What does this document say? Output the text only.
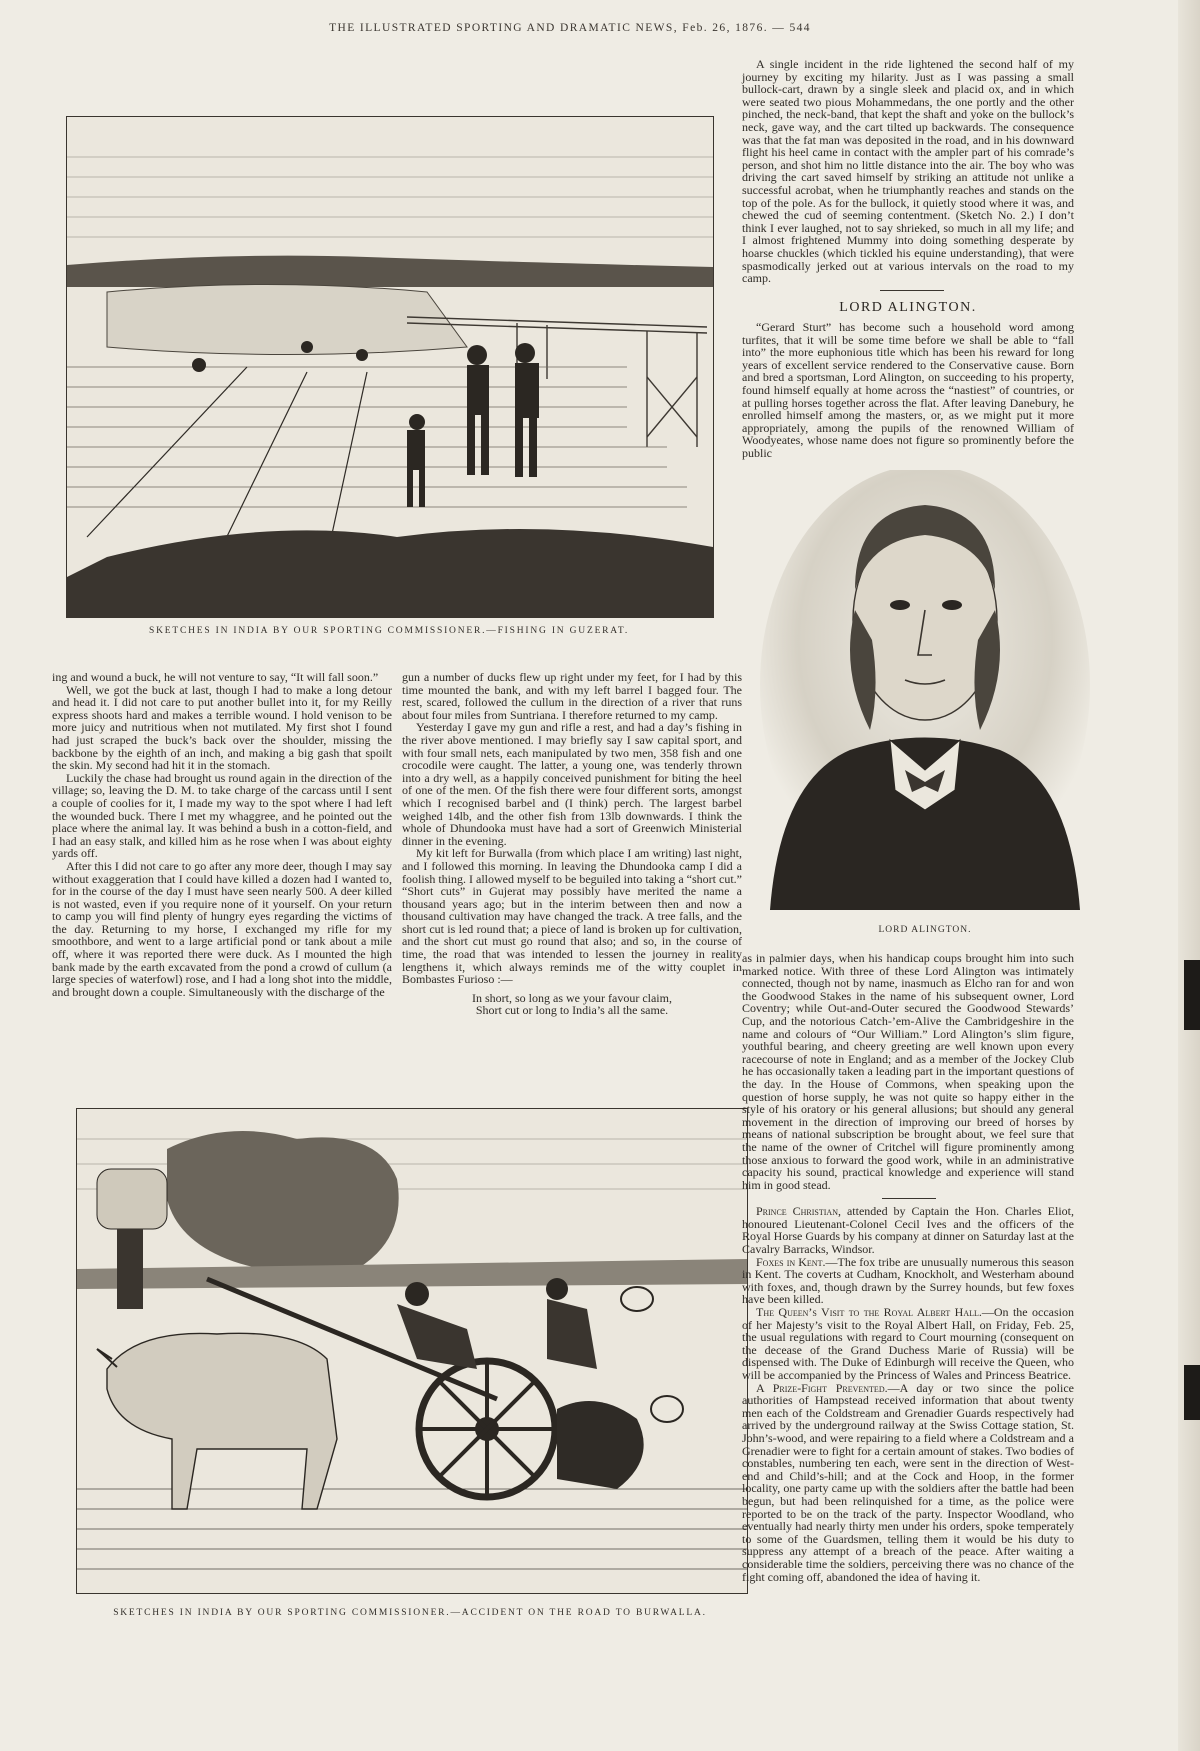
THE ILLUSTRATED SPORTING AND DRAMATIC NEWS, Feb. 26, 1876. — 544
SKETCHES IN INDIA BY OUR SPORTING COMMISSIONER.—FISHING IN GUZERAT.

ing and wound a buck, he will not venture to say, “It will fall soon.”

Well, we got the buck at last, though I had to make a long detour and head it. I did not care to put another bullet into it, for my Reilly express shoots hard and makes a terrible wound. I hold venison to be more juicy and nutritious when not mutilated. My first shot I found had just scraped the buck’s back over the shoulder, missing the backbone by the eighth of an inch, and making a big gash that spoilt the skin. My second had hit it in the stomach.

Luckily the chase had brought us round again in the direction of the village; so, leaving the D. M. to take charge of the carcass until I sent a couple of coolies for it, I made my way to the spot where I had left the wounded buck. There I met my whaggree, and he pointed out the place where the animal lay. It was behind a bush in a cotton-field, and I had an easy stalk, and killed him as he rose when I was about eighty yards off.

After this I did not care to go after any more deer, though I may say without exaggeration that I could have killed a dozen had I wanted to, for in the course of the day I must have seen nearly 500. A deer killed is not wasted, even if you require none of it yourself. On your return to camp you will find plenty of hungry eyes regarding the victims of the day. Returning to my horse, I exchanged my rifle for my smoothbore, and went to a large artificial pond or tank about a mile off, where it was reported there were duck. As I mounted the high bank made by the earth excavated from the pond a crowd of cullum (a large species of waterfowl) rose, and I had a long shot into the middle, and brought down a couple. Simultaneously with the discharge of the

gun a number of ducks flew up right under my feet, for I had by this time mounted the bank, and with my left barrel I bagged four. The rest, scared, followed the cullum in the direction of a river that runs about four miles from Suntriana. I therefore returned to my camp.

Yesterday I gave my gun and rifle a rest, and had a day’s fishing in the river above mentioned. I may briefly say I saw capital sport, and with four small nets, each manipulated by two men, 358 fish and one crocodile were caught. The latter, a young one, was tenderly thrown into a dry well, as a happily conceived punishment for biting the heel of one of the men. Of the fish there were four different sorts, amongst which I recognised barbel and (I think) perch. The largest barbel weighed 14lb, and the other fish from 13lb downwards. I think the whole of Dhundooka must have had a sort of Greenwich Ministerial dinner in the evening.

My kit left for Burwalla (from which place I am writing) last night, and I followed this morning. In leaving the Dhundooka camp I did a foolish thing. I allowed myself to be beguiled into taking a “short cut.” “Short cuts” in Gujerat may possibly have merited the name a thousand years ago; but in the interim between then and now a thousand cultivation may have changed the track. A tree falls, and the short cut is led round that; a piece of land is broken up for cultivation, and the short cut must go round that also; and so, in the course of time, the road that was intended to lessen the journey in reality lengthens it, which always reminds me of the witty couplet in Bombastes Furioso :—

In short, so long as we your favour claim,

Short cut or long to India’s all the same.

SKETCHES IN INDIA BY OUR SPORTING COMMISSIONER.—ACCIDENT ON THE ROAD TO BURWALLA.

A single incident in the ride lightened the second half of my journey by exciting my hilarity. Just as I was passing a small bullock-cart, drawn by a single sleek and placid ox, and in which were seated two pious Mohammedans, the one portly and the other pinched, the neck-band, that kept the shaft and yoke on the bullock’s neck, gave way, and the cart tilted up backwards. The consequence was that the fat man was deposited in the road, and in his downward flight his heel came in contact with the ampler part of his comrade’s person, and shot him no little distance into the air. The boy who was driving the cart saved himself by striking an attitude not unlike a successful acrobat, when he triumphantly reaches and stands on the top of the pole. As for the bullock, it quietly stood where it was, and chewed the cud of seeming contentment. (Sketch No. 2.) I don’t think I ever laughed, not to say shrieked, so much in all my life; and I almost frightened Mummy into doing something desperate by hoarse chuckles (which tickled his equine understanding), that were spasmodically jerked out at various intervals on the road to my camp.

LORD ALINGTON.

“Gerard Sturt” has become such a household word among turfites, that it will be some time before we shall be able to “fall into” the more euphonious title which has been his reward for long years of excellent service rendered to the Conservative cause. Born and bred a sportsman, Lord Alington, on succeeding to his property, found himself equally at home across the “nastiest” of countries, or at pulling horses together across the flat. After leaving Danebury, he enrolled himself among the masters, or, as we might put it more appropriately, among the pupils of the renowned William of Woodyeates, whose name does not figure so prominently before the public

LORD ALINGTON.

as in palmier days, when his handicap coups brought him into such marked notice. With three of these Lord Alington was intimately connected, though not by name, inasmuch as Elcho ran for and won the Goodwood Stakes in the name of his subsequent owner, Lord Coventry; while Out-and-Outer secured the Goodwood Stewards’ Cup, and the notorious Catch-’em-Alive the Cambridgeshire in the name and colours of “Our William.” Lord Alington’s slim figure, youthful bearing, and cheery greeting are well known upon every racecourse of note in England; and as a member of the Jockey Club he has occasionally taken a leading part in the important questions of the day. In the House of Commons, when speaking upon the question of horse supply, he was not quite so happy either in the style of his oratory or his general allusions; but should any general movement in the direction of improving our breed of horses by means of national subscription be brought about, we feel sure that the name of the owner of Critchel will figure prominently among those anxious to forward the good work, while in an administrative capacity his sound, practical knowledge and experience will stand him in good stead.

Prince Christian, attended by Captain the Hon. Charles Eliot, honoured Lieutenant-Colonel Cecil Ives and the officers of the Royal Horse Guards by his company at dinner on Saturday last at the Cavalry Barracks, Windsor.

Foxes in Kent.—The fox tribe are unusually numerous this season in Kent. The coverts at Cudham, Knockholt, and Westerham abound with foxes, and, though drawn by the Surrey hounds, but few foxes have been killed.

The Queen’s Visit to the Royal Albert Hall.—On the occasion of her Majesty’s visit to the Royal Albert Hall, on Friday, Feb. 25, the usual regulations with regard to Court mourning (consequent on the decease of the Grand Duchess Marie of Russia) will be dispensed with. The Duke of Edinburgh will receive the Queen, who will be accompanied by the Princess of Wales and Princess Beatrice.

A Prize-Fight Prevented.—A day or two since the police authorities of Hampstead received information that about twenty men each of the Coldstream and Grenadier Guards respectively had arrived by the underground railway at the Swiss Cottage station, St. John’s-wood, and were repairing to a field where a Coldstream and a Grenadier were to fight for a certain amount of stakes. Two bodies of constables, numbering ten each, were sent in the direction of West-end and Child’s-hill; and at the Cock and Hoop, in the former locality, one party came up with the soldiers after the battle had been begun, but had been relinquished for a time, as the police were reported to be on the track of the party. Inspector Woodland, who eventually had nearly thirty men under his orders, spoke temperately to some of the Guardsmen, telling them it would be his duty to suppress any attempt of a breach of the peace. After waiting a considerable time the soldiers, perceiving there was no chance of the fight coming off, abandoned the idea of having it.
